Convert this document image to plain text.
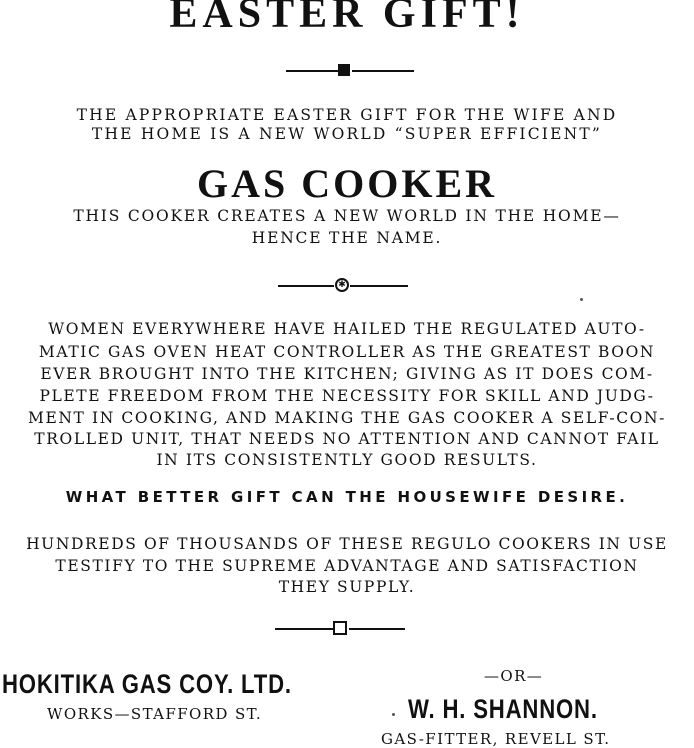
EASTER GIFT!
THE APPROPRIATE EASTER GIFT FOR THE WIFE AND
THE HOME IS A NEW WORLD “SUPER EFFICIENT”
GAS COOKER
THIS COOKER CREATES A NEW WORLD IN THE HOME—
HENCE THE NAME.
✱
WOMEN EVERYWHERE HAVE HAILED THE REGULATED AUTO-
MATIC GAS OVEN HEAT CONTROLLER AS THE GREATEST BOON
EVER BROUGHT INTO THE KITCHEN; GIVING AS IT DOES COM-
PLETE FREEDOM FROM THE NECESSITY FOR SKILL AND JUDG-
MENT IN COOKING, AND MAKING THE GAS COOKER A SELF-CON-
TROLLED UNIT, THAT NEEDS NO ATTENTION AND CANNOT FAIL
IN ITS CONSISTENTLY GOOD RESULTS.
WHAT BETTER GIFT CAN THE HOUSEWIFE DESIRE.
HUNDREDS OF THOUSANDS OF THESE REGULO COOKERS IN USE
TESTIFY TO THE SUPREME ADVANTAGE AND SATISFACTION
THEY SUPPLY.
HOKITIKA GAS COY. LTD.
WORKS—STAFFORD ST.
—OR—
W. H. SHANNON.
GAS-FITTER, REVELL ST.
